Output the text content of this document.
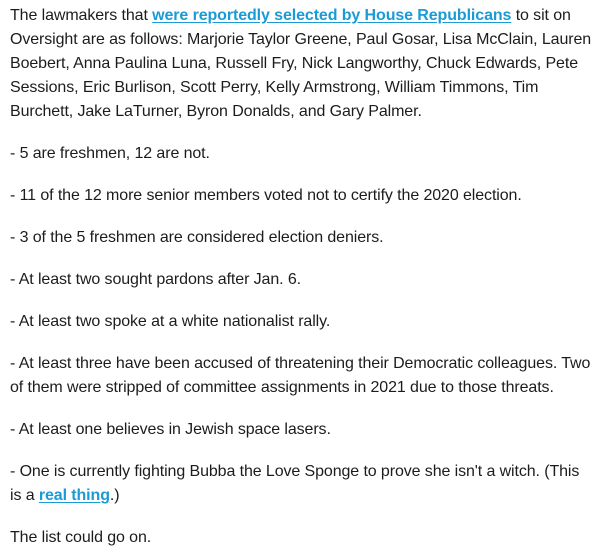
The lawmakers that were reportedly selected by House Republicans to sit on Oversight are as follows: Marjorie Taylor Greene, Paul Gosar, Lisa McClain, Lauren Boebert, Anna Paulina Luna, Russell Fry, Nick Langworthy, Chuck Edwards, Pete Sessions, Eric Burlison, Scott Perry, Kelly Armstrong, William Timmons, Tim Burchett, Jake LaTurner, Byron Donalds, and Gary Palmer.

- 5 are freshmen, 12 are not.

- 11 of the 12 more senior members voted not to certify the 2020 election.

- 3 of the 5 freshmen are considered election deniers.

- At least two sought pardons after Jan. 6.

- At least two spoke at a white nationalist rally.

- At least three have been accused of threatening their Democratic colleagues. Two of them were stripped of committee assignments in 2021 due to those threats.

- At least one believes in Jewish space lasers.

- One is currently fighting Bubba the Love Sponge to prove she isn't a witch. (This is a real thing.)

The list could go on.
